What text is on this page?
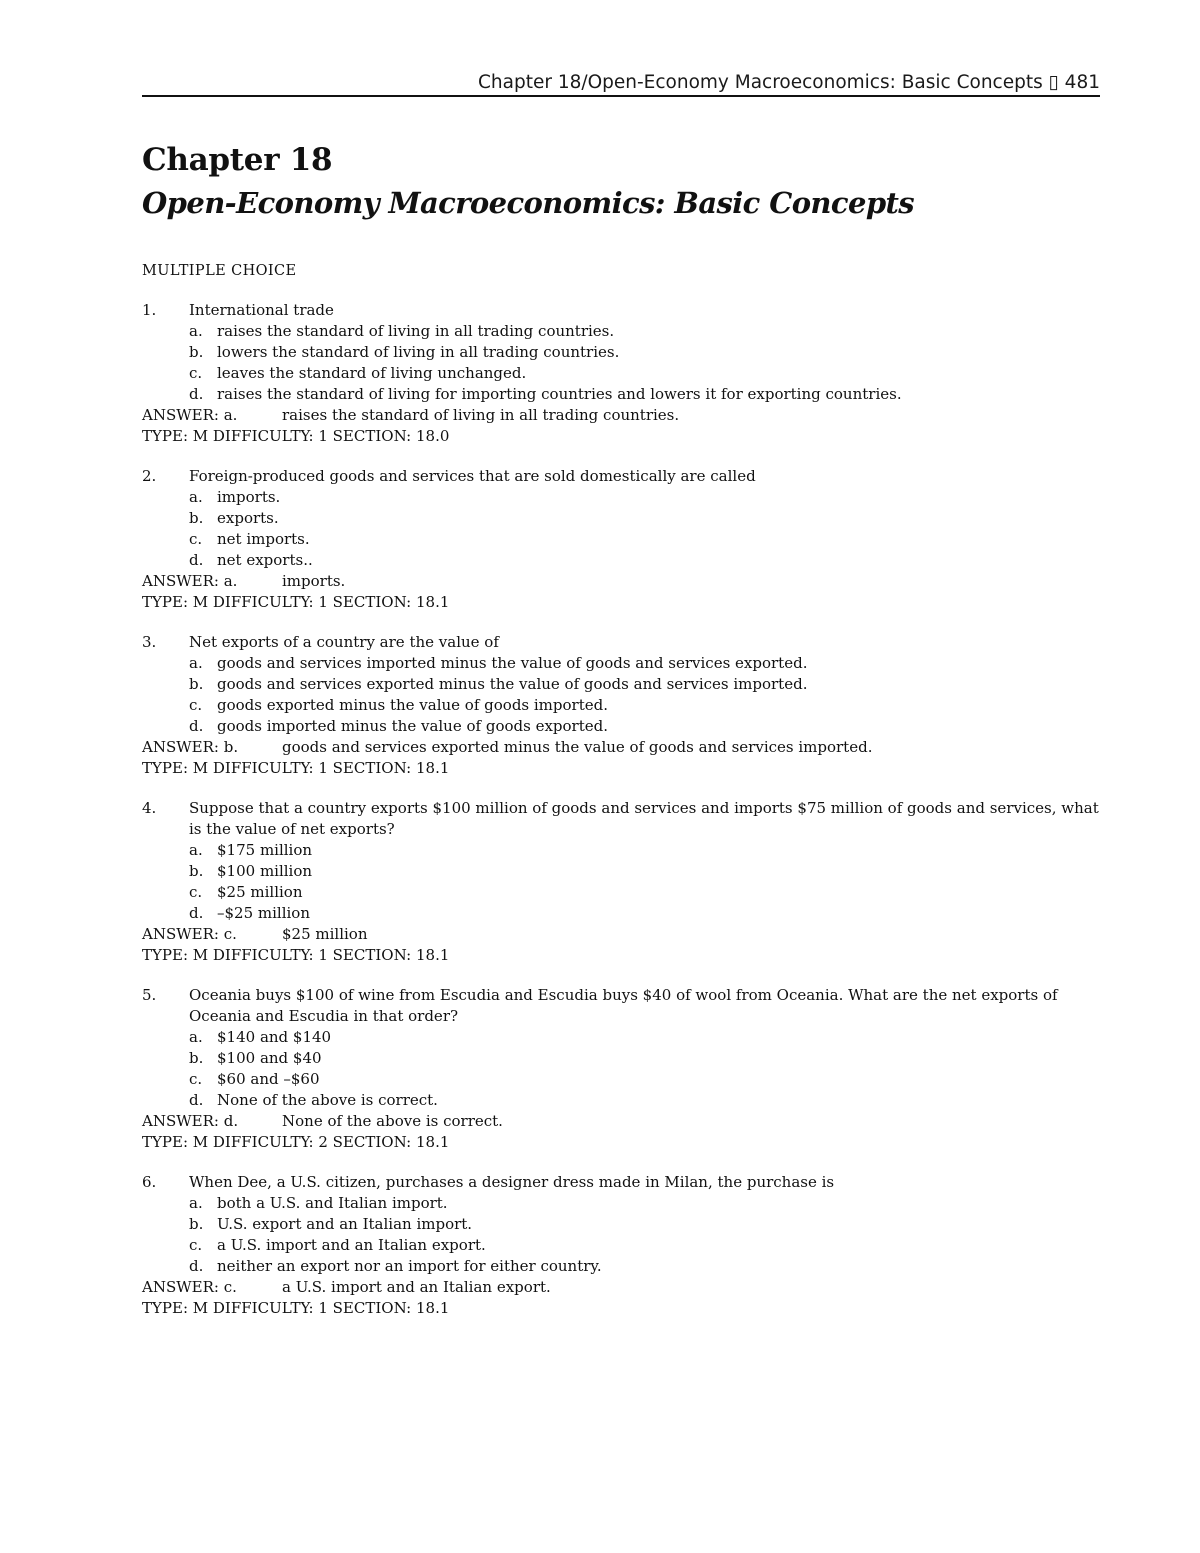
Chapter 18/Open-Economy Macroeconomics: Basic Concepts ▯ 481
Chapter 18
Open-Economy Macroeconomics: Basic Concepts
MULTIPLE CHOICE
1. International trade
a. raises the standard of living in all trading countries.
b. lowers the standard of living in all trading countries.
c. leaves the standard of living unchanged.
d. raises the standard of living for importing countries and lowers it for exporting countries.
ANSWER: a.	raises the standard of living in all trading countries.
TYPE: M DIFFICULTY: 1 SECTION: 18.0
2. Foreign-produced goods and services that are sold domestically are called
a. imports.
b. exports.
c. net imports.
d. net exports..
ANSWER: a.	imports.
TYPE: M DIFFICULTY: 1 SECTION: 18.1
3. Net exports of a country are the value of
a. goods and services imported minus the value of goods and services exported.
b. goods and services exported minus the value of goods and services imported.
c. goods exported minus the value of goods imported.
d. goods imported minus the value of goods exported.
ANSWER: b.	goods and services exported minus the value of goods and services imported.
TYPE: M DIFFICULTY: 1 SECTION: 18.1
4. Suppose that a country exports $100 million of goods and services and imports $75 million of goods and services, what is the value of net exports?
a. $175 million
b. $100 million
c. $25 million
d. –$25 million
ANSWER: c.	$25 million
TYPE: M DIFFICULTY: 1 SECTION: 18.1
5. Oceania buys $100 of wine from Escudia and Escudia buys $40 of wool from Oceania. What are the net exports of Oceania and Escudia in that order?
a. $140 and $140
b. $100 and $40
c. $60 and –$60
d. None of the above is correct.
ANSWER: d.	None of the above is correct.
TYPE: M DIFFICULTY: 2 SECTION: 18.1
6. When Dee, a U.S. citizen, purchases a designer dress made in Milan, the purchase is
a. both a U.S. and Italian import.
b. U.S. export and an Italian import.
c. a U.S. import and an Italian export.
d. neither an export nor an import for either country.
ANSWER: c.	a U.S. import and an Italian export.
TYPE: M DIFFICULTY: 1 SECTION: 18.1
